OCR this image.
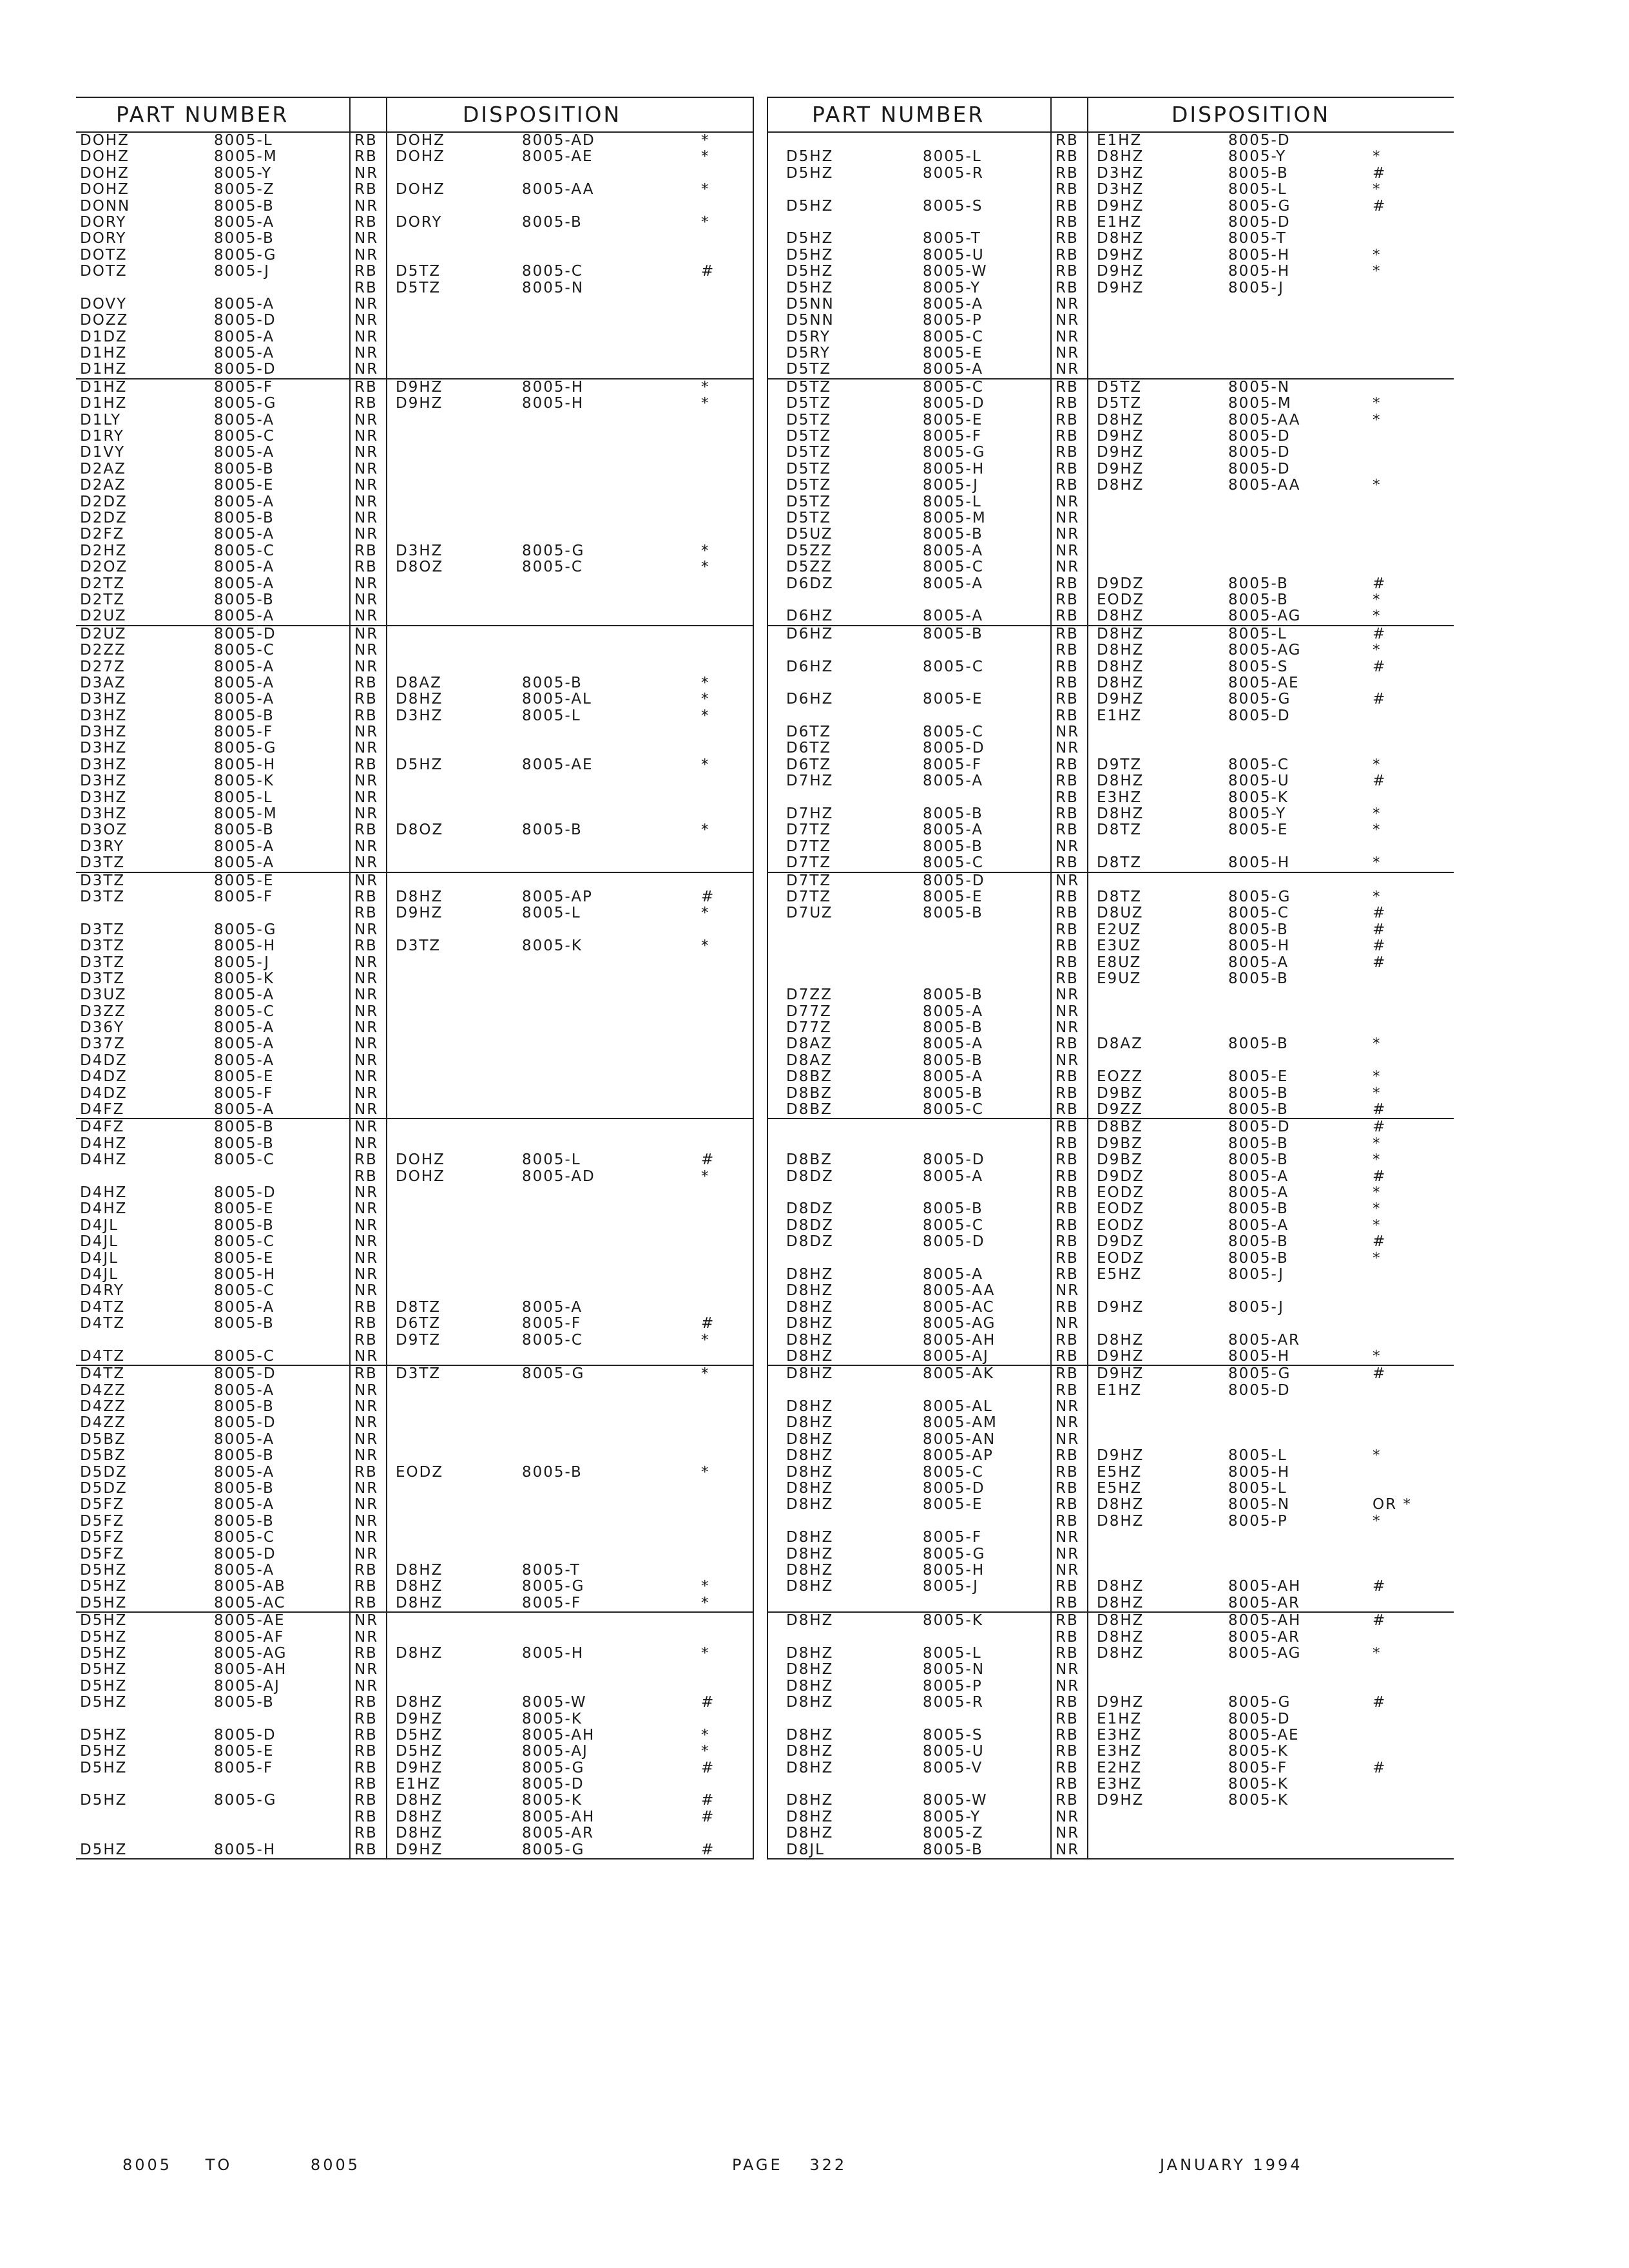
PART NUMBER	DISPOSITION
DOHZ	8005-L	RB DOHZ	8005-AD	*
DOHZ	8005-M	RB DOHZ	8005-AE	*
DOHZ	8005-Y	NR
DOHZ	8005-Z	RB DOHZ	8005-AA	*
DONN	8005-B	NR
DORY	8005-A	RB DORY	8005-B	*
DORY	8005-B	NR
DOTZ	8005-G	NR
DOTZ	8005-J	RB D5TZ	8005-C	#
RB D5TZ	8005-N
DOVY	8005-A	NR
DOZZ	8005-D	NR
D1DZ	8005-A	NR
D1HZ	8005-A	NR
D1HZ	8005-D	NR
D1HZ	8005-F	RB D9HZ	8005-H	*
D1HZ	8005-G	RB D9HZ	8005-H	*
D1LY	8005-A	NR
D1RY	8005-C	NR
D1VY	8005-A	NR
D2AZ	8005-B	NR
D2AZ	8005-E	NR
D2DZ	8005-A	NR
D2DZ	8005-B	NR
D2FZ	8005-A	NR
D2HZ	8005-C	RB D3HZ	8005-G	*
D2OZ	8005-A	RB D8OZ	8005-C	*
D2TZ	8005-A	NR
D2TZ	8005-B	NR
D2UZ	8005-A	NR
D2UZ	8005-D	NR
D2ZZ	8005-C	NR
D27Z	8005-A	NR
D3AZ	8005-A	RB D8AZ	8005-B	*
D3HZ	8005-A	RB D8HZ	8005-AL	*
D3HZ	8005-B	RB D3HZ	8005-L	*
D3HZ	8005-F	NR
D3HZ	8005-G	NR
D3HZ	8005-H	RB D5HZ	8005-AE	*
D3HZ	8005-K	NR
D3HZ	8005-L	NR
D3HZ	8005-M	NR
D3OZ	8005-B	RB D8OZ	8005-B	*
D3RY	8005-A	NR
D3TZ	8005-A	NR
D3TZ	8005-E	NR
D3TZ	8005-F	RB D8HZ	8005-AP	#
RB D9HZ	8005-L	*
D3TZ	8005-G	NR
D3TZ	8005-H	RB D3TZ	8005-K	*
D3TZ	8005-J	NR
D3TZ	8005-K	NR
D3UZ	8005-A	NR
D3ZZ	8005-C	NR
D36Y	8005-A	NR
D37Z	8005-A	NR
D4DZ	8005-A	NR
D4DZ	8005-E	NR
D4DZ	8005-F	NR
D4FZ	8005-A	NR
D4FZ	8005-B	NR
D4HZ	8005-B	NR
D4HZ	8005-C	RB DOHZ	8005-L	#
RB DOHZ	8005-AD	*
D4HZ	8005-D	NR
D4HZ	8005-E	NR
D4JL	8005-B	NR
D4JL	8005-C	NR
D4JL	8005-E	NR
D4JL	8005-H	NR
D4RY	8005-C	NR
D4TZ	8005-A	RB D8TZ	8005-A
D4TZ	8005-B	RB D6TZ	8005-F	#
RB D9TZ	8005-C	*
D4TZ	8005-C	NR
D4TZ	8005-D	RB D3TZ	8005-G	*
D4ZZ	8005-A	NR
D4ZZ	8005-B	NR
D4ZZ	8005-D	NR
D5BZ	8005-A	NR
D5BZ	8005-B	NR
D5DZ	8005-A	RB EODZ	8005-B	*
D5DZ	8005-B	NR
D5FZ	8005-A	NR
D5FZ	8005-B	NR
D5FZ	8005-C	NR
D5FZ	8005-D	NR
D5HZ	8005-A	RB D8HZ	8005-T
D5HZ	8005-AB	RB D8HZ	8005-G	*
D5HZ	8005-AC	RB D8HZ	8005-F	*
D5HZ	8005-AE	NR
D5HZ	8005-AF	NR
D5HZ	8005-AG	RB D8HZ	8005-H	*
D5HZ	8005-AH	NR
D5HZ	8005-AJ	NR
D5HZ	8005-B	RB D8HZ	8005-W	#
RB D9HZ	8005-K
D5HZ	8005-D	RB D5HZ	8005-AH	*
D5HZ	8005-E	RB D5HZ	8005-AJ	*
D5HZ	8005-F	RB D9HZ	8005-G	#
RB E1HZ	8005-D
D5HZ	8005-G	RB D8HZ	8005-K	#
RB D8HZ	8005-AH	#
RB D8HZ	8005-AR
D5HZ	8005-H	RB D9HZ	8005-G	#
PART NUMBER	DISPOSITION
RB E1HZ	8005-D
D5HZ	8005-L	RB D8HZ	8005-Y	*
D5HZ	8005-R	RB D3HZ	8005-B	#
RB D3HZ	8005-L	*
D5HZ	8005-S	RB D9HZ	8005-G	#
RB E1HZ	8005-D
D5HZ	8005-T	RB D8HZ	8005-T
D5HZ	8005-U	RB D9HZ	8005-H	*
D5HZ	8005-W	RB D9HZ	8005-H	*
D5HZ	8005-Y	RB D9HZ	8005-J
D5NN	8005-A	NR
D5NN	8005-P	NR
D5RY	8005-C	NR
D5RY	8005-E	NR
D5TZ	8005-A	NR
D5TZ	8005-C	RB D5TZ	8005-N
D5TZ	8005-D	RB D5TZ	8005-M	*
D5TZ	8005-E	RB D8HZ	8005-AA	*
D5TZ	8005-F	RB D9HZ	8005-D
D5TZ	8005-G	RB D9HZ	8005-D
D5TZ	8005-H	RB D9HZ	8005-D
D5TZ	8005-J	RB D8HZ	8005-AA	*
D5TZ	8005-L	NR
D5TZ	8005-M	NR
D5UZ	8005-B	NR
D5ZZ	8005-A	NR
D5ZZ	8005-C	NR
D6DZ	8005-A	RB D9DZ	8005-B	#
RB EODZ	8005-B	*
D6HZ	8005-A	RB D8HZ	8005-AG	*
D6HZ	8005-B	RB D8HZ	8005-L	#
RB D8HZ	8005-AG	*
D6HZ	8005-C	RB D8HZ	8005-S	#
RB D8HZ	8005-AE
D6HZ	8005-E	RB D9HZ	8005-G	#
RB E1HZ	8005-D
D6TZ	8005-C	NR
D6TZ	8005-D	NR
D6TZ	8005-F	RB D9TZ	8005-C	*
D7HZ	8005-A	RB D8HZ	8005-U	#
RB E3HZ	8005-K
D7HZ	8005-B	RB D8HZ	8005-Y	*
D7TZ	8005-A	RB D8TZ	8005-E	*
D7TZ	8005-B	NR
D7TZ	8005-C	RB D8TZ	8005-H	*
D7TZ	8005-D	NR
D7TZ	8005-E	RB D8TZ	8005-G	*
D7UZ	8005-B	RB D8UZ	8005-C	#
RB E2UZ	8005-B	#
RB E3UZ	8005-H	#
RB E8UZ	8005-A	#
RB E9UZ	8005-B
D7ZZ	8005-B	NR
D77Z	8005-A	NR
D77Z	8005-B	NR
D8AZ	8005-A	RB D8AZ	8005-B	*
D8AZ	8005-B	NR
D8BZ	8005-A	RB EOZZ	8005-E	*
D8BZ	8005-B	RB D9BZ	8005-B	*
D8BZ	8005-C	RB D9ZZ	8005-B	#
RB D8BZ	8005-D	#
RB D9BZ	8005-B	*
D8BZ	8005-D	RB D9BZ	8005-B	*
D8DZ	8005-A	RB D9DZ	8005-A	#
RB EODZ	8005-A	*
D8DZ	8005-B	RB EODZ	8005-B	*
D8DZ	8005-C	RB EODZ	8005-A	*
D8DZ	8005-D	RB D9DZ	8005-B	#
RB EODZ	8005-B	*
D8HZ	8005-A	RB E5HZ	8005-J
D8HZ	8005-AA	NR
D8HZ	8005-AC	RB D9HZ	8005-J
D8HZ	8005-AG	NR
D8HZ	8005-AH	RB D8HZ	8005-AR
D8HZ	8005-AJ	RB D9HZ	8005-H	*
D8HZ	8005-AK	RB D9HZ	8005-G	#
RB E1HZ	8005-D
D8HZ	8005-AL	NR
D8HZ	8005-AM	NR
D8HZ	8005-AN	NR
D8HZ	8005-AP	RB D9HZ	8005-L	*
D8HZ	8005-C	RB E5HZ	8005-H
D8HZ	8005-D	RB E5HZ	8005-L
D8HZ	8005-E	RB D8HZ	8005-N	OR *
RB D8HZ	8005-P	*
D8HZ	8005-F	NR
D8HZ	8005-G	NR
D8HZ	8005-H	NR
D8HZ	8005-J	RB D8HZ	8005-AH	#
RB D8HZ	8005-AR
D8HZ	8005-K	RB D8HZ	8005-AH	#
RB D8HZ	8005-AR
D8HZ	8005-L	RB D8HZ	8005-AG	*
D8HZ	8005-N	NR
D8HZ	8005-P	NR
D8HZ	8005-R	RB D9HZ	8005-G	#
RB E1HZ	8005-D
D8HZ	8005-S	RB E3HZ	8005-AE
D8HZ	8005-U	RB E3HZ	8005-K
D8HZ	8005-V	RB E2HZ	8005-F	#
RB E3HZ	8005-K
D8HZ	8005-W	RB D9HZ	8005-K
D8HZ	8005-Y	NR
D8HZ	8005-Z	NR
D8JL	8005-B	NR
8005 TO	8005	PAGE 322	JANUARY 1994
